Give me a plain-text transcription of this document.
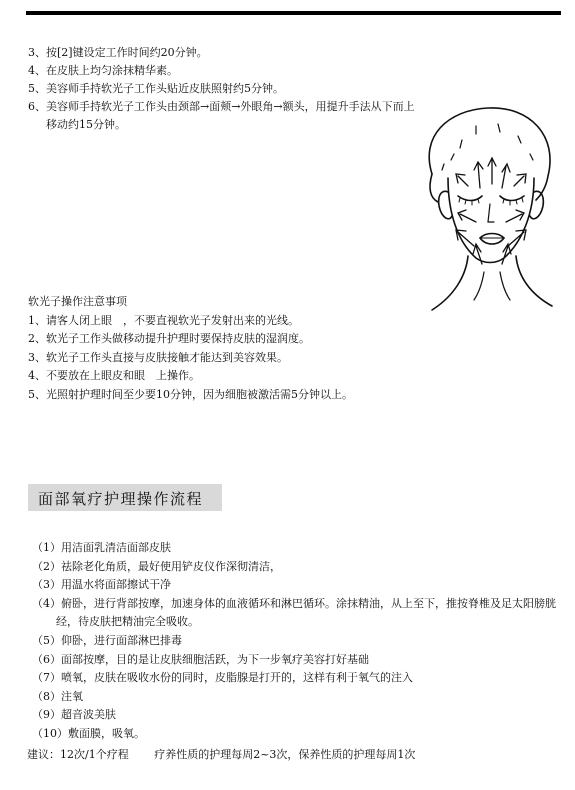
3、按[2]键设定工作时间约20分钟。
4、在皮肤上均匀涂抹精华素。
5、美容师手持软光子工作头贴近皮肤照射约5分钟。
6、美容师手持软光子工作头由颈部→面颊→外眼角→额头，用提升手法从下而上移动约15分钟。
软光子操作注意事项
1、请客人闭上眼　，不要直视软光子发射出来的光线。
2、软光子工作头做移动提升护理时要保持皮肤的湿润度。
3、软光子工作头直接与皮肤接触才能达到美容效果。
4、不要放在上眼皮和眼　上操作。
5、光照射护理时间至少要10分钟，因为细胞被激活需5分钟以上。
面部氧疗护理操作流程
（1）用洁面乳清洁面部皮肤
（2）祛除老化角质，最好使用铲皮仪作深彻清洁，
（3）用温水将面部擦试干净
（4）俯卧，进行背部按摩，加速身体的血液循环和淋巴循环。涂抹精油，从上至下，推按脊椎及足太阳膀胱经，待皮肤把精油完全吸收。
（5）仰卧，进行面部淋巴排毒
（6）面部按摩，目的是让皮肤细胞活跃，为下一步氧疗美容打好基础
（7）喷氧，皮肤在吸收水份的同时，皮脂腺是打开的，这样有利于氧气的注入
（8）注氧
（9）超音波美肤
（10）敷面膜，吸氧。
建议：12次/1个疗程　　 疗养性质的护理每周2~3次，保养性质的护理每周1次
